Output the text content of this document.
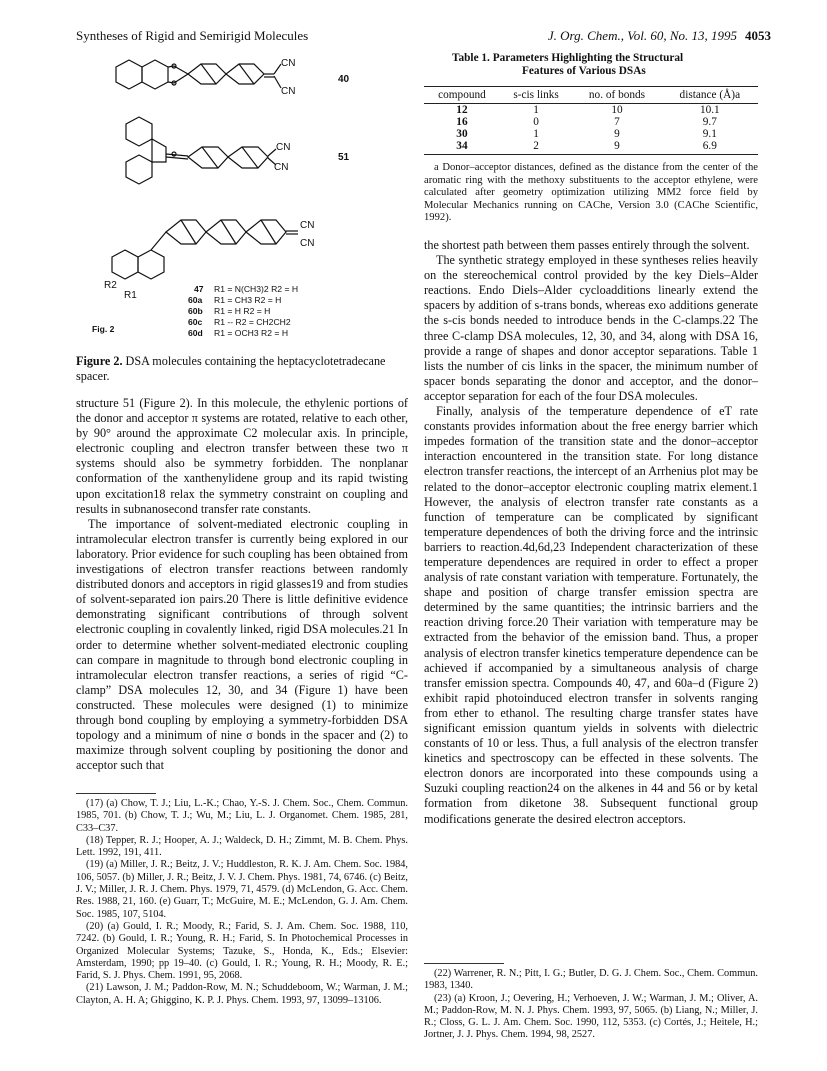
Syntheses of Rigid and Semirigid Molecules	J. Org. Chem., Vol. 60, No. 13, 1995 4053
CN
CN
40
CN
CN
51
CN
CN
R2
R1
47 R1 = N(CH3)2 R2 = H
60a R1 = CH3 R2 = H
60b R1 = H R2 = H
60c R1 -- R2 = CH2CH2
60d R1 = OCH3 R2 = H
Fig. 2
Figure 2. DSA molecules containing the heptacyclotetradecane spacer.

structure 51 (Figure 2). In this molecule, the ethylenic portions of the donor and acceptor π systems are rotated, relative to each other, by 90° around the approximate C2 molecular axis. In principle, electronic coupling and electron transfer between these two π systems should also be symmetry forbidden. The nonplanar conformation of the xanthenylidene group and its rapid twisting upon excitation18 relax the symmetry constraint on coupling and results in subnanosecond transfer rate constants.

The importance of solvent-mediated electronic coupling in intramolecular electron transfer is currently being explored in our laboratory. Prior evidence for such coupling has been obtained from investigations of electron transfer reactions between randomly distributed donors and acceptors in rigid glasses19 and from studies of solvent-separated ion pairs.20 There is little definitive evidence demonstrating significant contributions of through solvent electronic coupling in covalently linked, rigid DSA molecules.21 In order to determine whether solvent-mediated electronic coupling can compare in magnitude to through bond electronic coupling in intramolecular electron transfer reactions, a series of rigid “C-clamp” DSA molecules 12, 30, and 34 (Figure 1) have been constructed. These molecules were designed (1) to minimize through bond coupling by employing a symmetry-forbidden DSA topology and a minimum of nine σ bonds in the spacer and (2) to maximize through solvent coupling by positioning the donor and acceptor such that

(17) (a) Chow, T. J.; Liu, L.-K.; Chao, Y.-S. J. Chem. Soc., Chem. Commun. 1985, 701. (b) Chow, T. J.; Wu, M.; Liu, L. J. Organomet. Chem. 1985, 281, C33–C37.

(18) Tepper, R. J.; Hooper, A. J.; Waldeck, D. H.; Zimmt, M. B. Chem. Phys. Lett. 1992, 191, 411.

(19) (a) Miller, J. R.; Beitz, J. V.; Huddleston, R. K. J. Am. Chem. Soc. 1984, 106, 5057. (b) Miller, J. R.; Beitz, J. V. J. Chem. Phys. 1981, 74, 6746. (c) Beitz, J. V.; Miller, J. R. J. Chem. Phys. 1979, 71, 4579. (d) McLendon, G. Acc. Chem. Res. 1988, 21, 160. (e) Guarr, T.; McGuire, M. E.; McLendon, G. J. Am. Chem. Soc. 1985, 107, 5104.

(20) (a) Gould, I. R.; Moody, R.; Farid, S. J. Am. Chem. Soc. 1988, 110, 7242. (b) Gould, I. R.; Young, R. H.; Farid, S. In Photochemical Processes in Organized Molecular Systems; Tazuke, S., Honda, K., Eds.; Elsevier: Amsterdam, 1990; pp 19–40. (c) Gould, I. R.; Young, R. H.; Moody, R. E.; Farid, S. J. Phys. Chem. 1991, 95, 2068.

(21) Lawson, J. M.; Paddon-Row, M. N.; Schuddeboom, W.; Warman, J. M.; Clayton, A. H. A; Ghiggino, K. P. J. Phys. Chem. 1993, 97, 13099–13106.

Table 1. Parameters Highlighting the Structural
Features of Various DSAs
compound	s-cis links	no. of bonds	distance (Å)a
12	1	10	10.1
16	0	7	9.7
30	1	9	9.1
34	2	9	6.9
a Donor–acceptor distances, defined as the distance from the center of the aromatic ring with the methoxy substituents to the acceptor ethylene, were calculated after geometry optimization utilizing MM2 force field by Molecular Mechanics running on CAChe, Version 3.0 (CAChe Scientific, 1992).

the shortest path between them passes entirely through the solvent.

The synthetic strategy employed in these syntheses relies heavily on the stereochemical control provided by the key Diels–Alder reactions. Endo Diels–Alder cycloadditions linearly extend the spacers by addition of s-trans bonds, whereas exo additions generate the s-cis bonds needed to introduce bends in the C-clamps.22 The three C-clamp DSA molecules, 12, 30, and 34, along with DSA 16, provide a range of shapes and donor acceptor separations. Table 1 lists the number of cis links in the spacer, the minimum number of spacer bonds separating the donor and acceptor, and the donor–acceptor separation for each of the four DSA molecules.

Finally, analysis of the temperature dependence of eT rate constants provides information about the free energy barrier which impedes formation of the transition state and the donor–acceptor interaction encountered in the transition state. For long distance electron transfer reactions, the intercept of an Arrhenius plot may be related to the donor–acceptor electronic coupling matrix element.1 However, the analysis of electron transfer rate constants as a function of temperature can be complicated by significant temperature dependences of both the driving force and the intrinsic barriers to reaction.4d,6d,23 Independent characterization of these temperature dependences are required in order to effect a proper analysis of rate constant variation with temperature. Fortunately, the shape and position of charge transfer emission spectra are determined by the same quantities; the intrinsic barriers and the reaction driving force.20 Their variation with temperature may be extracted from the behavior of the emission band. Thus, a proper analysis of electron transfer kinetics temperature dependence can be achieved if accompanied by a simultaneous analysis of charge transfer emission spectra. Compounds 40, 47, and 60a–d (Figure 2) exhibit rapid photoinduced electron transfer in solvents ranging from ether to ethanol. The resulting charge transfer states have significant emission quantum yields in solvents with dielectric constants of 10 or less. Thus, a full analysis of the electron transfer kinetics and spectroscopy can be effected in these solvents. The electron donors are incorporated into these compounds using a Suzuki coupling reaction24 on the alkenes in 44 and 56 or by ketal formation from diketone 38. Subsequent functional group modifications generate the desired electron acceptors.

(22) Warrener, R. N.; Pitt, I. G.; Butler, D. G. J. Chem. Soc., Chem. Commun. 1983, 1340.

(23) (a) Kroon, J.; Oevering, H.; Verhoeven, J. W.; Warman, J. M.; Oliver, A. M.; Paddon-Row, M. N. J. Phys. Chem. 1993, 97, 5065. (b) Liang, N.; Miller, J. R.; Closs, G. L. J. Am. Chem. Soc. 1990, 112, 5353. (c) Cortés, J.; Heitele, H.; Jortner, J. J. Phys. Chem. 1994, 98, 2527.
